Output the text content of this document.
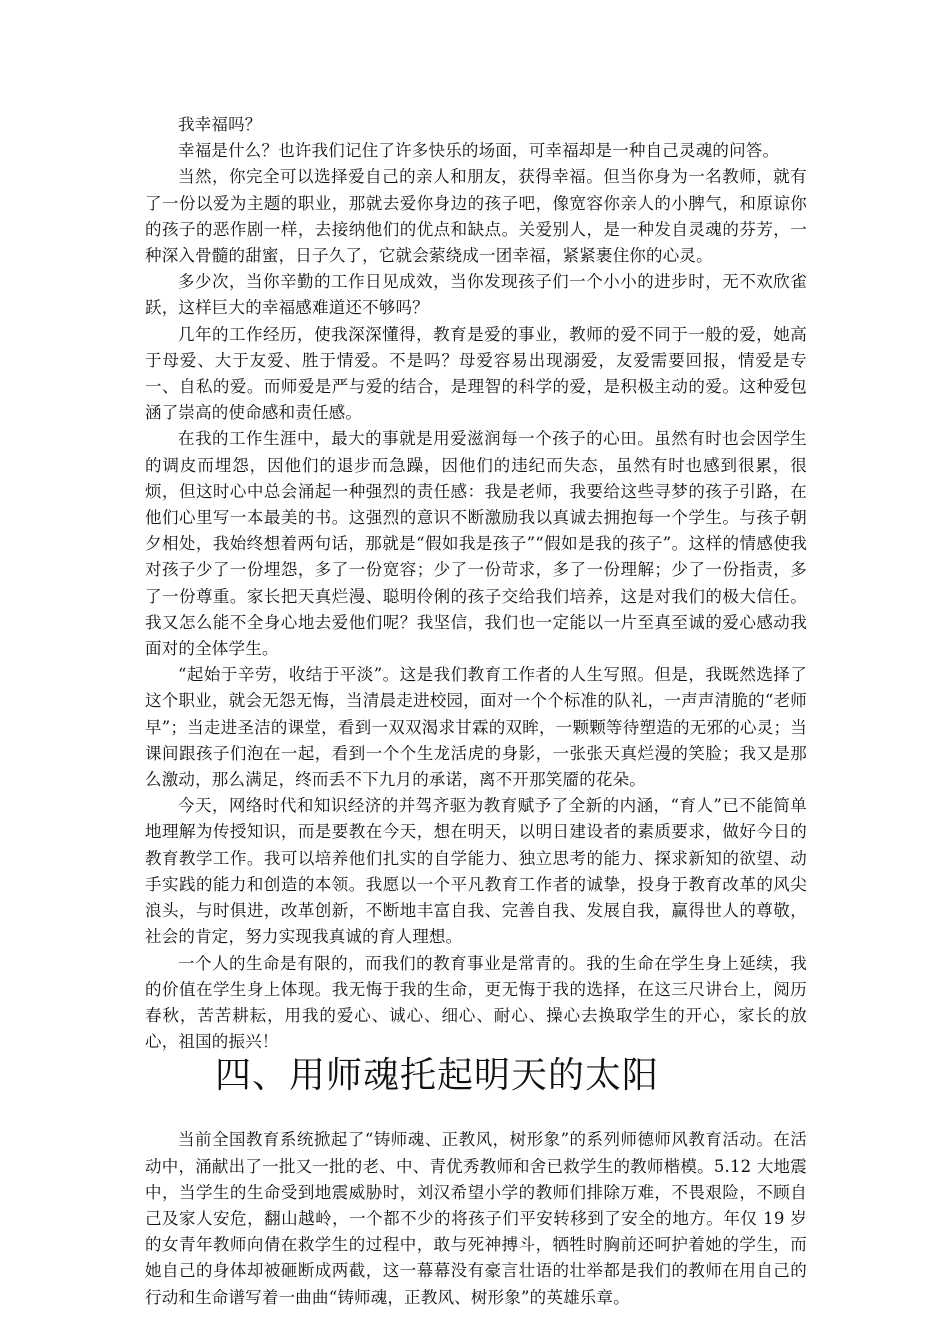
我幸福吗？

幸福是什么？也许我们记住了许多快乐的场面，可幸福却是一种自己灵魂的问答。

当然，你完全可以选择爱自己的亲人和朋友，获得幸福。但当你身为一名教师，就有了一份以爱为主题的职业，那就去爱你身边的孩子吧，像宽容你亲人的小脾气，和原谅你的孩子的恶作剧一样，去接纳他们的优点和缺点。关爱别人，是一种发自灵魂的芬芳，一种深入骨髓的甜蜜，日子久了，它就会萦绕成一团幸福，紧紧裹住你的心灵。

多少次，当你辛勤的工作日见成效，当你发现孩子们一个小小的进步时，无不欢欣雀跃，这样巨大的幸福感难道还不够吗？

几年的工作经历，使我深深懂得，教育是爱的事业，教师的爱不同于一般的爱，她高于母爱、大于友爱、胜于情爱。不是吗？母爱容易出现溺爱，友爱需要回报，情爱是专一、自私的爱。而师爱是严与爱的结合，是理智的科学的爱，是积极主动的爱。这种爱包涵了崇高的使命感和责任感。

在我的工作生涯中，最大的事就是用爱滋润每一个孩子的心田。虽然有时也会因学生的调皮而埋怨，因他们的退步而急躁，因他们的违纪而失态，虽然有时也感到很累，很烦，但这时心中总会涌起一种强烈的责任感：我是老师，我要给这些寻梦的孩子引路，在他们心里写一本最美的书。这强烈的意识不断激励我以真诚去拥抱每一个学生。与孩子朝夕相处，我始终想着两句话，那就是“假如我是孩子”“假如是我的孩子”。这样的情感使我对孩子少了一份埋怨，多了一份宽容；少了一份苛求，多了一份理解；少了一份指责，多了一份尊重。家长把天真烂漫、聪明伶俐的孩子交给我们培养，这是对我们的极大信任。我又怎么能不全身心地去爱他们呢？我坚信，我们也一定能以一片至真至诚的爱心感动我面对的全体学生。

“起始于辛劳，收结于平淡”。这是我们教育工作者的人生写照。但是，我既然选择了这个职业，就会无怨无悔，当清晨走进校园，面对一个个标准的队礼，一声声清脆的“老师早”；当走进圣洁的课堂，看到一双双渴求甘霖的双眸，一颗颗等待塑造的无邪的心灵；当课间跟孩子们泡在一起，看到一个个生龙活虎的身影，一张张天真烂漫的笑脸；我又是那么激动，那么满足，终而丢不下九月的承诺，离不开那笑靥的花朵。

今天，网络时代和知识经济的并驾齐驱为教育赋予了全新的内涵，“育人”已不能简单地理解为传授知识，而是要教在今天，想在明天，以明日建设者的素质要求，做好今日的教育教学工作。我可以培养他们扎实的自学能力、独立思考的能力、探求新知的欲望、动手实践的能力和创造的本领。我愿以一个平凡教育工作者的诚挚，投身于教育改革的风尖浪头，与时俱进，改革创新，不断地丰富自我、完善自我、发展自我，赢得世人的尊敬，社会的肯定，努力实现我真诚的育人理想。

一个人的生命是有限的，而我们的教育事业是常青的。我的生命在学生身上延续，我的价值在学生身上体现。我无悔于我的生命，更无悔于我的选择，在这三尺讲台上，阅历春秋，苦苦耕耘，用我的爱心、诚心、细心、耐心、操心去换取学生的开心，家长的放心，祖国的振兴！

四、用师魂托起明天的太阳

当前全国教育系统掀起了“铸师魂、正教风，树形象”的系列师德师风教育活动。在活动中，涌献出了一批又一批的老、中、青优秀教师和舍已救学生的教师楷模。5.12 大地震中，当学生的生命受到地震威胁时，刘汉希望小学的教师们排除万难，不畏艰险，不顾自己及家人安危，翻山越岭，一个都不少的将孩子们平安转移到了安全的地方。年仅 19 岁的女青年教师向倩在救学生的过程中，敢与死神搏斗，牺牲时胸前还呵护着她的学生，而她自己的身体却被砸断成两截，这一幕幕没有豪言壮语的壮举都是我们的教师在用自己的行动和生命谱写着一曲曲“铸师魂，正教风、树形象”的英雄乐章。
